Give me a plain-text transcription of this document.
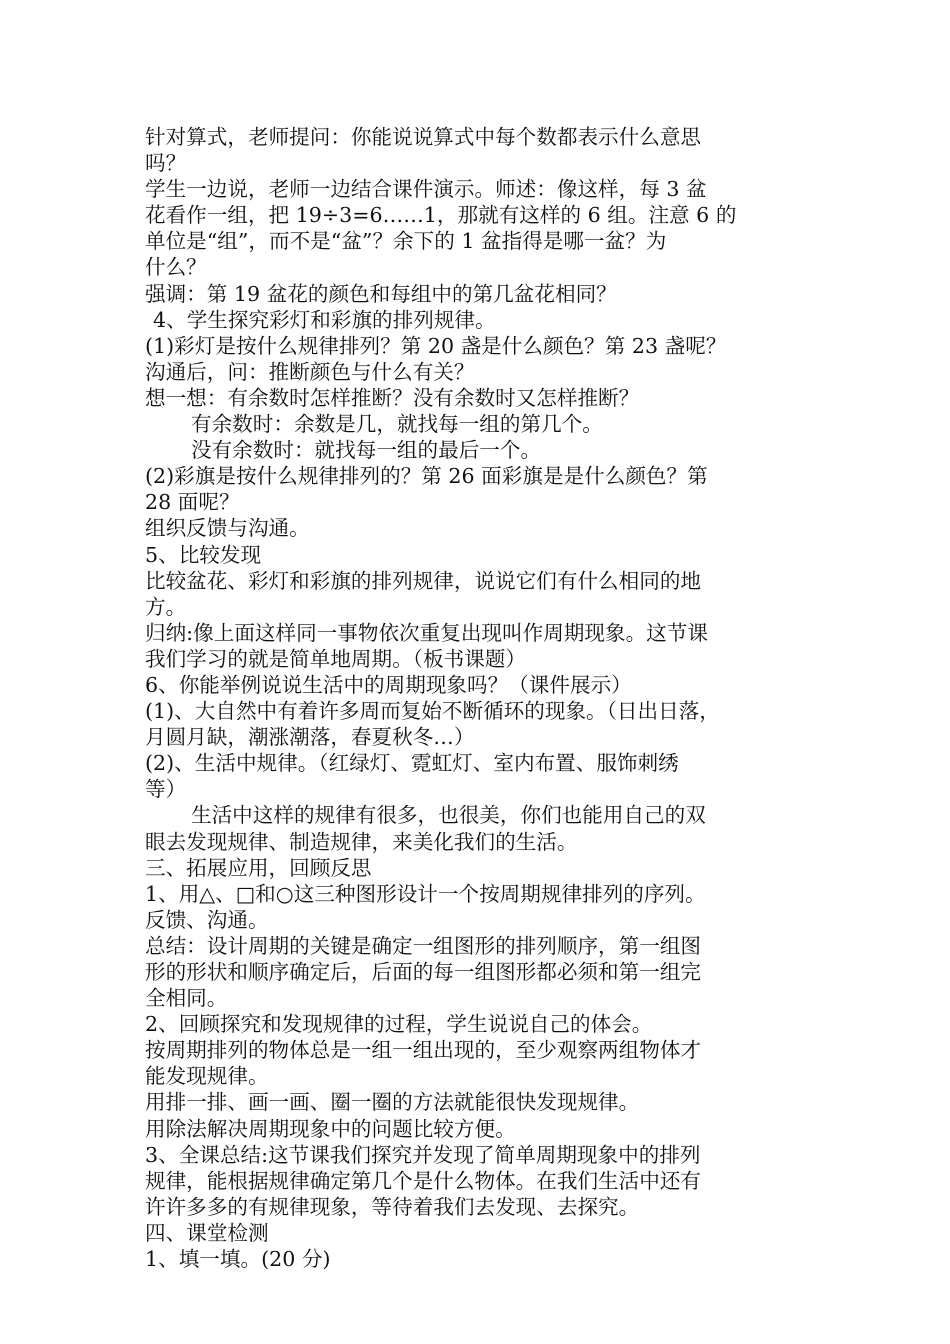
针对算式，老师提问：你能说说算式中每个数都表示什么意思
吗？
学生一边说，老师一边结合课件演示。师述：像这样，每 3 盆
花看作一组，把 19÷3=6……1，那就有这样的 6 组。注意 6 的
单位是“组”，而不是“盆”？余下的 1 盆指得是哪一盆？为
什么？
强调：第 19 盆花的颜色和每组中的第几盆花相同？
4、学生探究彩灯和彩旗的排列规律。
(1)彩灯是按什么规律排列？第 20 盏是什么颜色？第 23 盏呢？
沟通后，问：推断颜色与什么有关？
想一想：有余数时怎样推断？没有余数时又怎样推断？
有余数时：余数是几，就找每一组的第几个。
没有余数时：就找每一组的最后一个。
(2)彩旗是按什么规律排列的？第 26 面彩旗是是什么颜色？第
28 面呢？
组织反馈与沟通。
5、比较发现
比较盆花、彩灯和彩旗的排列规律，说说它们有什么相同的地
方。
归纳:像上面这样同一事物依次重复出现叫作周期现象。这节课
我们学习的就是简单地周期。（板书课题）
6、你能举例说说生活中的周期现象吗？（课件展示）
(1)、大自然中有着许多周而复始不断循环的现象。（日出日落，
月圆月缺，潮涨潮落，春夏秋冬…）
(2)、生活中规律。（红绿灯、霓虹灯、室内布置、服饰刺绣
等）
生活中这样的规律有很多，也很美，你们也能用自己的双
眼去发现规律、制造规律，来美化我们的生活。
三、拓展应用，回顾反思
1、用△、□和○这三种图形设计一个按周期规律排列的序列。
反馈、沟通。
总结：设计周期的关键是确定一组图形的排列顺序，第一组图
形的形状和顺序确定后，后面的每一组图形都必须和第一组完
全相同。
2、回顾探究和发现规律的过程，学生说说自己的体会。
按周期排列的物体总是一组一组出现的，至少观察两组物体才
能发现规律。
用排一排、画一画、圈一圈的方法就能很快发现规律。
用除法解决周期现象中的问题比较方便。
3、全课总结:这节课我们探究并发现了简单周期现象中的排列
规律，能根据规律确定第几个是什么物体。在我们生活中还有
许许多多的有规律现象，等待着我们去发现、去探究。
四、课堂检测
1、填一填。(20 分)
